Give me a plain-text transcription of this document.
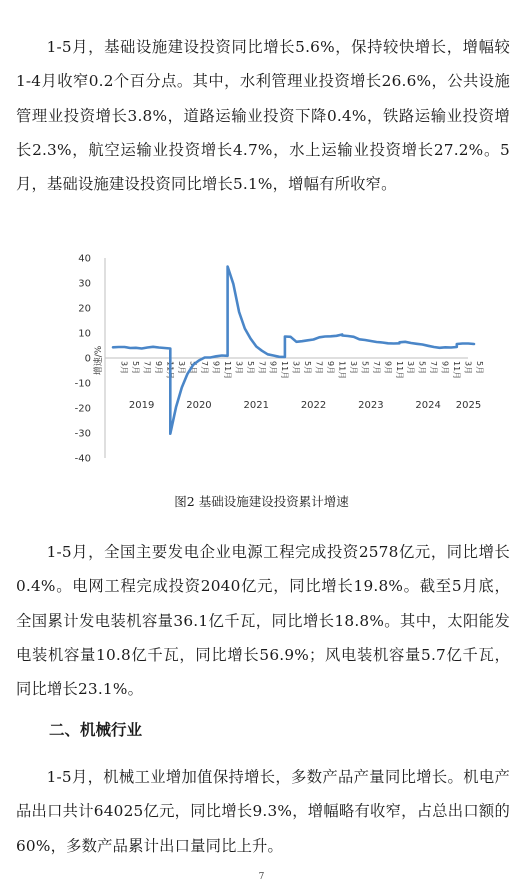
1-5月，基础设施建设投资同比增长5.6%，保持较快增长，增幅较1-4月收窄0.2个百分点。其中，水利管理业投资增长26.6%，公共设施管理业投资增长3.8%，道路运输业投资下降0.4%，铁路运输业投资增长2.3%，航空运输业投资增长4.7%，水上运输业投资增长27.2%。5月，基础设施建设投资同比增长5.1%，增幅有所收窄。

-40
-30
-20
-10
0
10
20
30
40
增速/% 3月 5月 7月 9月 11月
2019
3月 5月 7月 9月 11月
2020
3月 5月 7月 9月 11月
2021
3月 5月 7月 9月 11月
2022
3月 5月 7月 9月 11月
2023
3月 5月 7月 9月 11月
2024
3月 5月
2025

图2 基础设施建设投资累计增速

1-5月，全国主要发电企业电源工程完成投资2578亿元，同比增长0.4%。电网工程完成投资2040亿元，同比增长19.8%。截至5月底，全国累计发电装机容量36.1亿千瓦，同比增长18.8%。其中，太阳能发电装机容量10.8亿千瓦，同比增长56.9%；风电装机容量5.7亿千瓦，同比增长23.1%。

二、机械行业

1-5月，机械工业增加值保持增长，多数产品产量同比增长。机电产品出口共计64025亿元，同比增长9.3%，增幅略有收窄，占总出口额的60%，多数产品累计出口量同比上升。

7
